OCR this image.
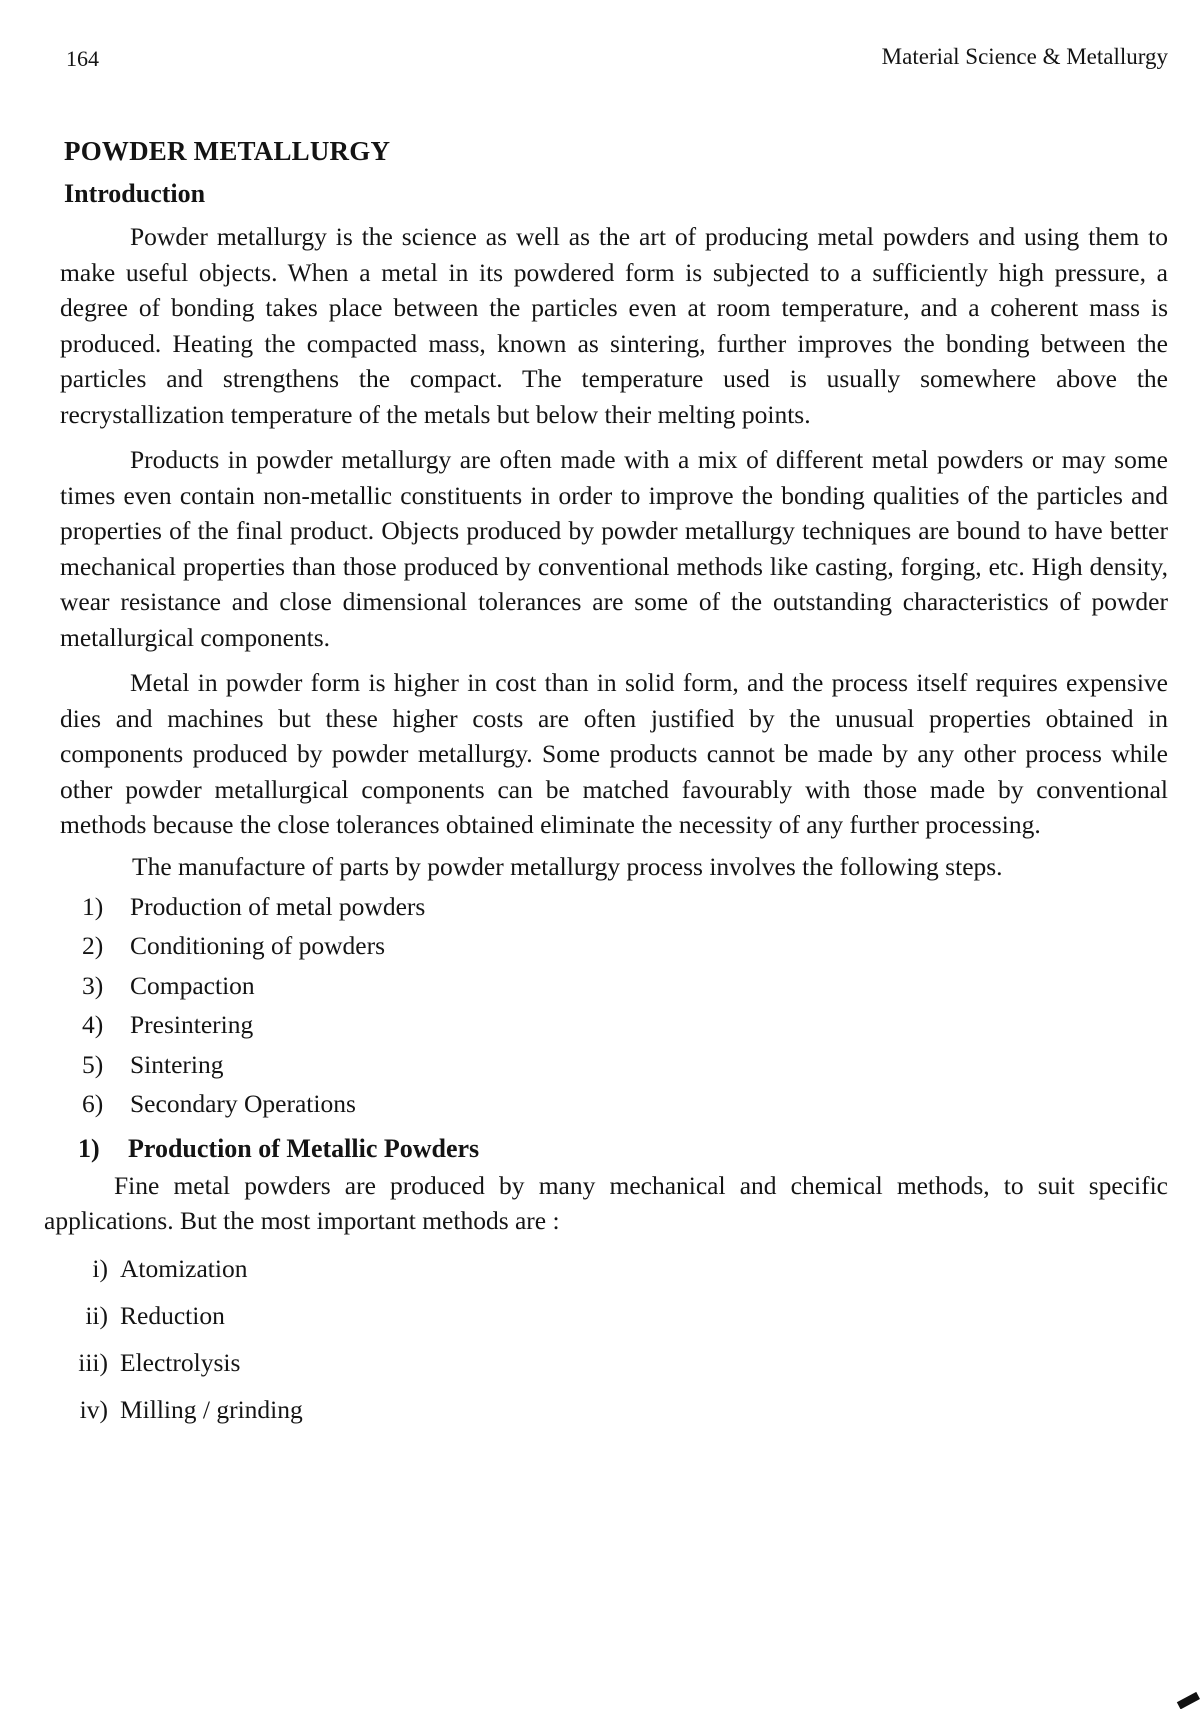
164	Material Science & Metallurgy
POWDER METALLURGY
Introduction

Powder metallurgy is the science as well as the art of producing metal powders and using them to make useful objects. When a metal in its powdered form is subjected to a sufficiently high pressure, a degree of bonding takes place between the particles even at room temperature, and a coherent mass is produced. Heating the compacted mass, known as sintering, further improves the bonding between the particles and strengthens the compact. The temperature used is usually somewhere above the recrystallization temperature of the metals but below their melting points.

Products in powder metallurgy are often made with a mix of different metal powders or may some times even contain non-metallic constituents in order to improve the bonding qualities of the particles and properties of the final product. Objects produced by powder metallurgy techniques are bound to have better mechanical properties than those produced by conventional methods like casting, forging, etc. High density, wear resistance and close dimensional tolerances are some of the outstanding characteristics of powder metallurgical components.

Metal in powder form is higher in cost than in solid form, and the process itself requires expensive dies and machines but these higher costs are often justified by the unusual properties obtained in components produced by powder metallurgy. Some products cannot be made by any other process while other powder metallurgical components can be matched favourably with those made by conventional methods because the close tolerances obtained eliminate the necessity of any further processing.

The manufacture of parts by powder metallurgy process involves the following steps.
1)	Production of metal powders
2)	Conditioning of powders
3)	Compaction
4)	Presintering
5)	Sintering
6)	Secondary Operations
1)	Production of Metallic Powders

Fine metal powders are produced by many mechanical and chemical methods, to suit specific applications. But the most important methods are :

i) Atomization
ii) Reduction
iii) Electrolysis
iv) Milling / grinding
